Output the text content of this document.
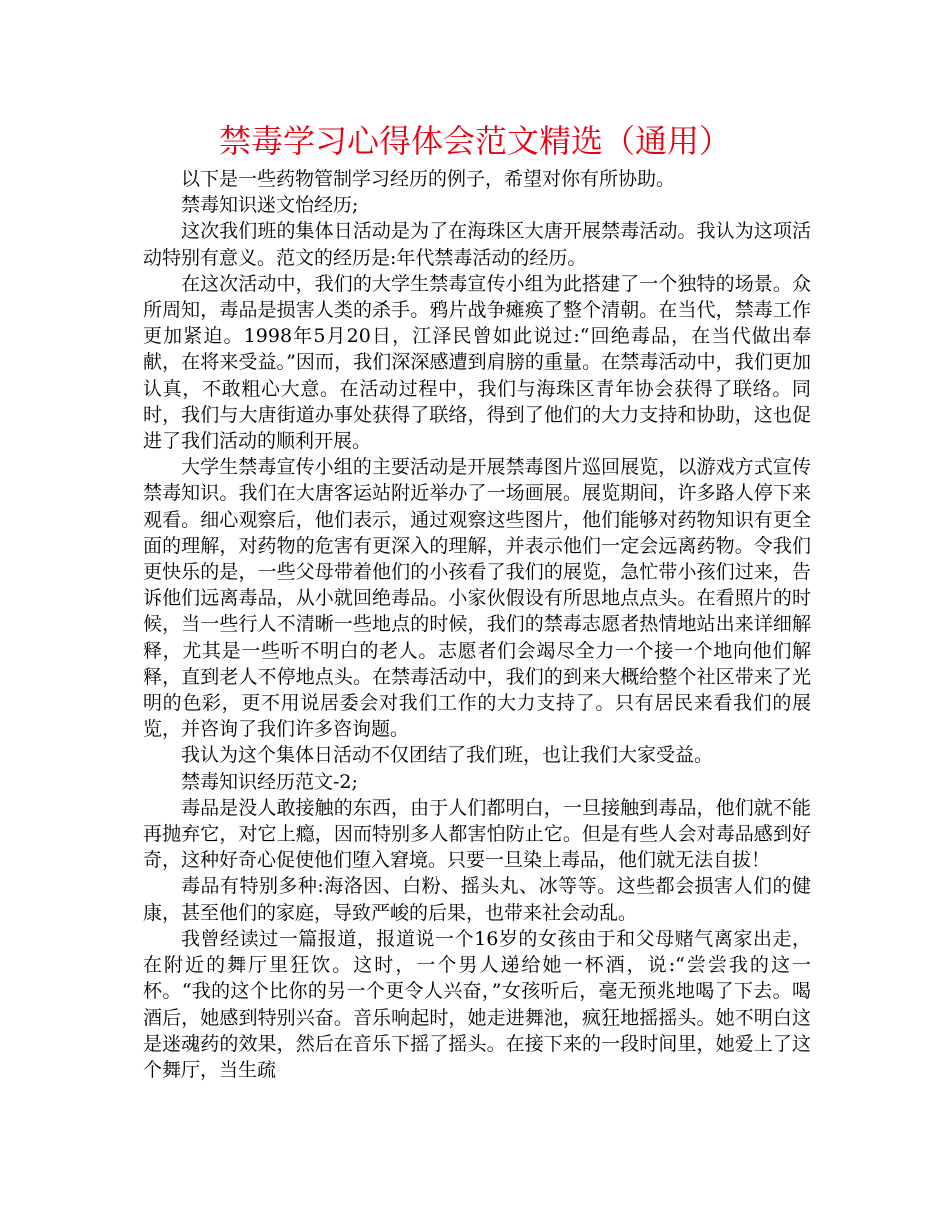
禁毒学习心得体会范文精选（通用）

以下是一些药物管制学习经历的例子，希望对你有所协助。

禁毒知识迷文怡经历;

这次我们班的集体日活动是为了在海珠区大唐开展禁毒活动。我认为这项活动特别有意义。范文的经历是:年代禁毒活动的经历。

在这次活动中，我们的大学生禁毒宣传小组为此搭建了一个独特的场景。众所周知，毒品是损害人类的杀手。鸦片战争瘫痪了整个清朝。在当代，禁毒工作更加紧迫。1998年5月20日，江泽民曾如此说过:“回绝毒品，在当代做出奉献，在将来受益。”因而，我们深深感遭到肩膀的重量。在禁毒活动中，我们更加认真，不敢粗心大意。在活动过程中，我们与海珠区青年协会获得了联络。同时，我们与大唐街道办事处获得了联络，得到了他们的大力支持和协助，这也促进了我们活动的顺利开展。

大学生禁毒宣传小组的主要活动是开展禁毒图片巡回展览，以游戏方式宣传禁毒知识。我们在大唐客运站附近举办了一场画展。展览期间，许多路人停下来观看。细心观察后，他们表示，通过观察这些图片，他们能够对药物知识有更全面的理解，对药物的危害有更深入的理解，并表示他们一定会远离药物。令我们更快乐的是，一些父母带着他们的小孩看了我们的展览，急忙带小孩们过来，告诉他们远离毒品，从小就回绝毒品。小家伙假设有所思地点点头。在看照片的时候，当一些行人不清晰一些地点的时候，我们的禁毒志愿者热情地站出来详细解释，尤其是一些听不明白的老人。志愿者们会竭尽全力一个接一个地向他们解释，直到老人不停地点头。在禁毒活动中，我们的到来大概给整个社区带来了光明的色彩，更不用说居委会对我们工作的大力支持了。只有居民来看我们的展览，并咨询了我们许多咨询题。

我认为这个集体日活动不仅团结了我们班，也让我们大家受益。

禁毒知识经历范文-2;

毒品是没人敢接触的东西，由于人们都明白，一旦接触到毒品，他们就不能再抛弃它，对它上瘾，因而特别多人都害怕防止它。但是有些人会对毒品感到好奇，这种好奇心促使他们堕入窘境。只要一旦染上毒品，他们就无法自拔！

毒品有特别多种:海洛因、白粉、摇头丸、冰等等。这些都会损害人们的健康，甚至他们的家庭，导致严峻的后果，也带来社会动乱。

我曾经读过一篇报道，报道说一个16岁的女孩由于和父母赌气离家出走，在附近的舞厅里狂饮。这时，一个男人递给她一杯酒，说:“尝尝我的这一杯。“我的这个比你的另一个更令人兴奋，”女孩听后，毫无预兆地喝了下去。喝酒后，她感到特别兴奋。音乐响起时，她走进舞池，疯狂地摇摇头。她不明白这是迷魂药的效果，然后在音乐下摇了摇头。在接下来的一段时间里，她爱上了这个舞厅，当生疏
